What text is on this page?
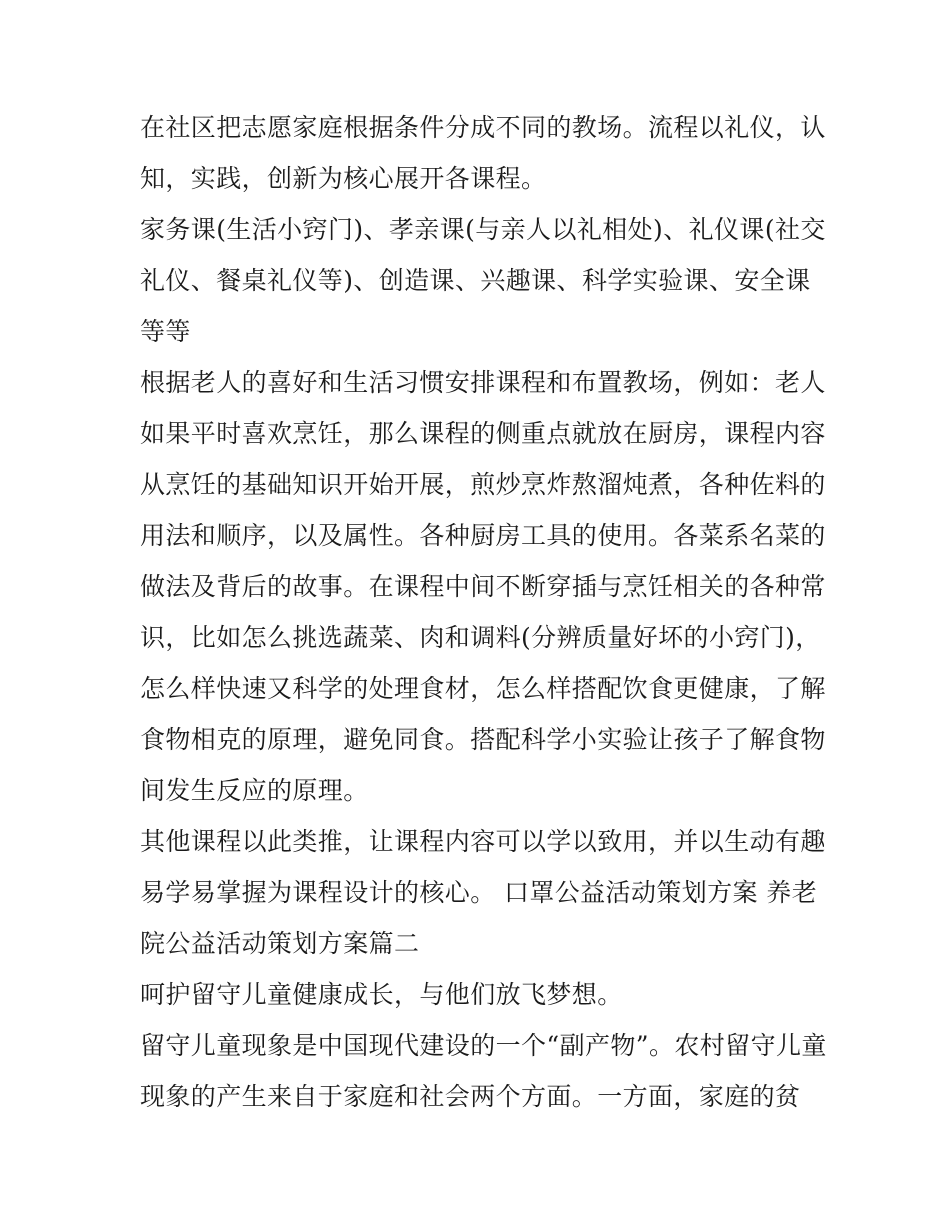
在社区把志愿家庭根据条件分成不同的教场。流程以礼仪，认
知，实践，创新为核心展开各课程。
家务课(生活小窍门)、孝亲课(与亲人以礼相处)、礼仪课(社交
礼仪、餐桌礼仪等)、创造课、兴趣课、科学实验课、安全课
等等
根据老人的喜好和生活习惯安排课程和布置教场，例如：老人
如果平时喜欢烹饪，那么课程的侧重点就放在厨房，课程内容
从烹饪的基础知识开始开展，煎炒烹炸熬溜炖煮，各种佐料的
用法和顺序，以及属性。各种厨房工具的使用。各菜系名菜的
做法及背后的故事。在课程中间不断穿插与烹饪相关的各种常
识，比如怎么挑选蔬菜、肉和调料(分辨质量好坏的小窍门)，
怎么样快速又科学的处理食材，怎么样搭配饮食更健康，了解
食物相克的原理，避免同食。搭配科学小实验让孩子了解食物
间发生反应的原理。
其他课程以此类推，让课程内容可以学以致用，并以生动有趣
易学易掌握为课程设计的核心。 口罩公益活动策划方案 养老
院公益活动策划方案篇二
呵护留守儿童健康成长，与他们放飞梦想。
留守儿童现象是中国现代建设的一个“副产物”。农村留守儿童
现象的产生来自于家庭和社会两个方面。一方面，家庭的贫
